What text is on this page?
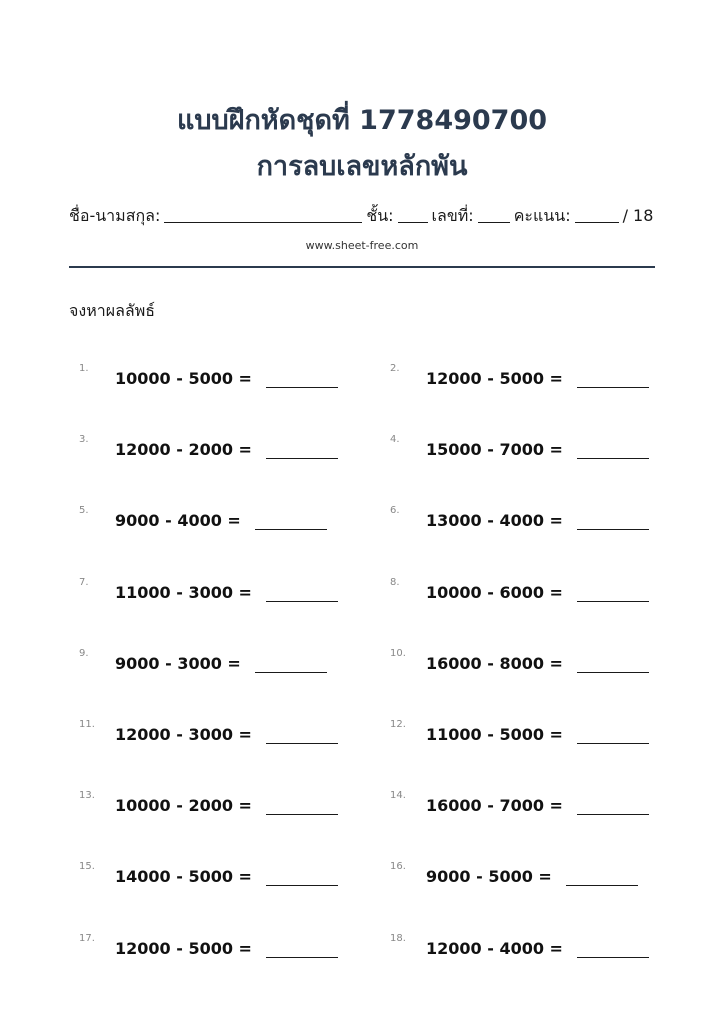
แบบฝึกหัดชุดที่ 1778490700
การลบเลขหลักพัน
ชื่อ-นามสกุล:	ชั้น: เลขที่:	คะแนน:	/ 18
www.sheet-free.com
จงหาผลลัพธ์
1.
10000 - 5000 =
2.
12000 - 5000 =
3.
12000 - 2000 =
4.
15000 - 7000 =
5.
9000 - 4000 =
6.
13000 - 4000 =
7.
11000 - 3000 =
8.
10000 - 6000 =
9.
9000 - 3000 =
10.
16000 - 8000 =
11.
12000 - 3000 =
12.
11000 - 5000 =
13.
10000 - 2000 =
14.
16000 - 7000 =
15.
14000 - 5000 =
16.
9000 - 5000 =
17.
12000 - 5000 =
18.
12000 - 4000 =
